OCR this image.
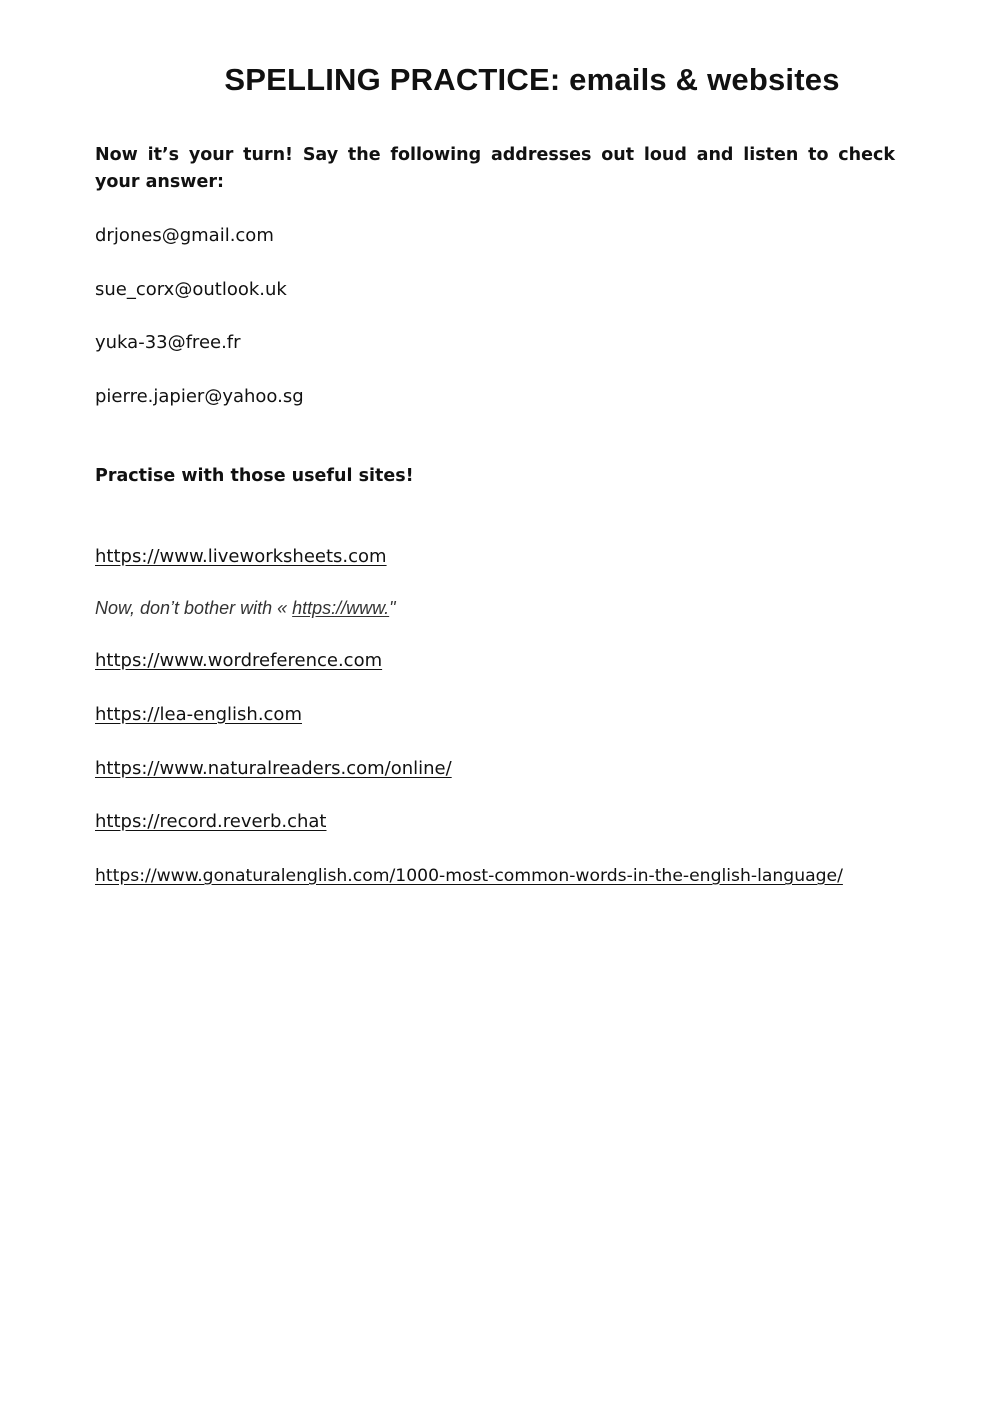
SPELLING PRACTICE: emails & websites

Now it’s your turn! Say the following addresses out loud and listen to check your answer:

drjones@gmail.com
sue_corx@outlook.uk
yuka-33@free.fr
pierre.japier@yahoo.sg
Practise with those useful sites!
https://www.liveworksheets.com

Now, don’t bother with « https://www."

https://www.wordreference.com
https://lea-english.com
https://www.naturalreaders.com/online/
https://record.reverb.chat
https://www.gonaturalenglish.com/1000-most-common-words-in-the-english-language/
